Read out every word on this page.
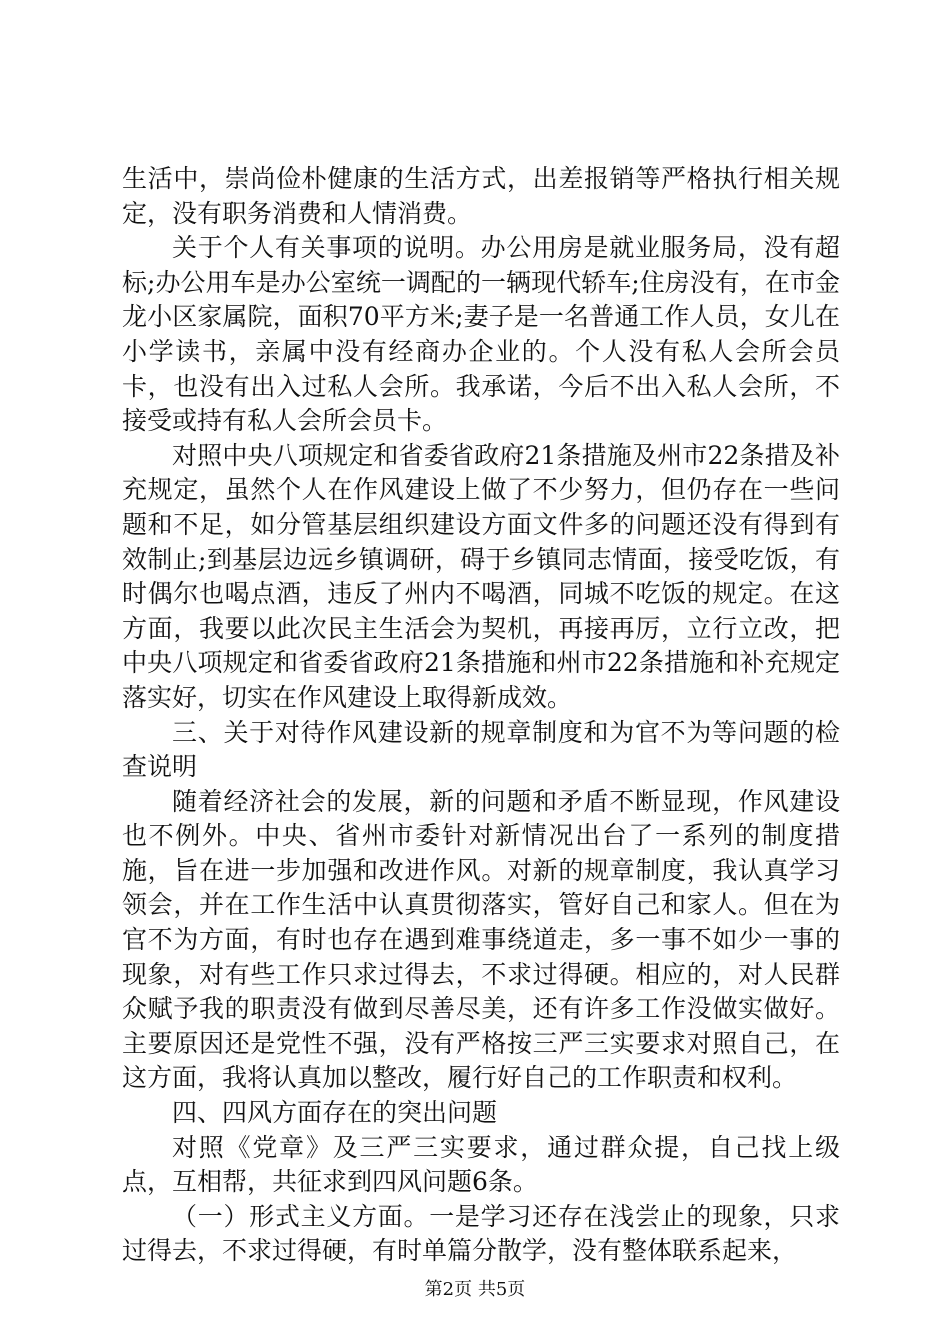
生活中，崇尚俭朴健康的生活方式，出差报销等严格执行相关规定，没有职务消费和人情消费。

关于个人有关事项的说明。办公用房是就业服务局，没有超标;办公用车是办公室统一调配的一辆现代轿车;住房没有，在市金龙小区家属院，面积70平方米;妻子是一名普通工作人员，女儿在小学读书，亲属中没有经商办企业的。个人没有私人会所会员卡，也没有出入过私人会所。我承诺，今后不出入私人会所，不接受或持有私人会所会员卡。

对照中央八项规定和省委省政府21条措施及州市22条措及补充规定，虽然个人在作风建设上做了不少努力，但仍存在一些问题和不足，如分管基层组织建设方面文件多的问题还没有得到有效制止;到基层边远乡镇调研，碍于乡镇同志情面，接受吃饭，有时偶尔也喝点酒，违反了州内不喝酒，同城不吃饭的规定。在这方面，我要以此次民主生活会为契机，再接再厉，立行立改，把中央八项规定和省委省政府21条措施和州市22条措施和补充规定落实好，切实在作风建设上取得新成效。

三、关于对待作风建设新的规章制度和为官不为等问题的检查说明

随着经济社会的发展，新的问题和矛盾不断显现，作风建设也不例外。中央、省州市委针对新情况出台了一系列的制度措施，旨在进一步加强和改进作风。对新的规章制度，我认真学习领会，并在工作生活中认真贯彻落实，管好自己和家人。但在为官不为方面，有时也存在遇到难事绕道走，多一事不如少一事的现象，对有些工作只求过得去，不求过得硬。相应的，对人民群众赋予我的职责没有做到尽善尽美，还有许多工作没做实做好。主要原因还是党性不强，没有严格按三严三实要求对照自己，在这方面，我将认真加以整改，履行好自己的工作职责和权利。

四、四风方面存在的突出问题

对照《党章》及三严三实要求，通过群众提，自己找上级点，互相帮，共征求到四风问题6条。

（一）形式主义方面。一是学习还存在浅尝止的现象，只求过得去，不求过得硬，有时单篇分散学，没有整体联系起来，

第2页 共5页
